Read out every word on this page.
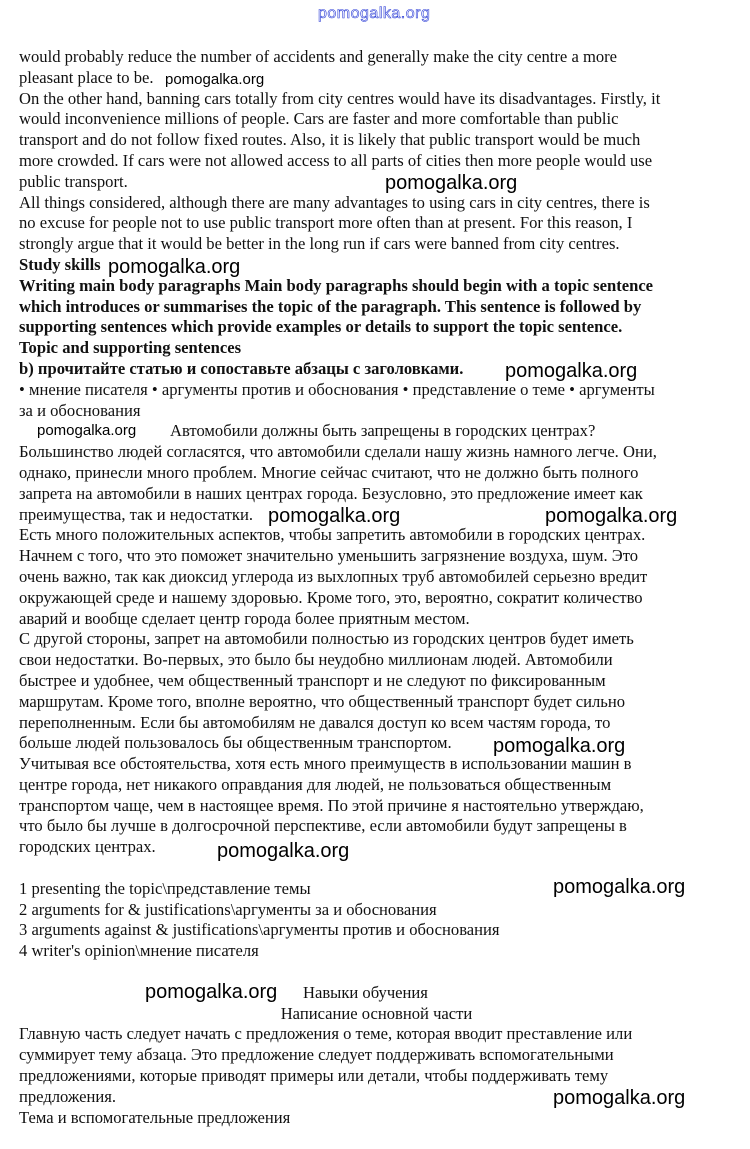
pomogalka.org
would probably reduce the number of accidents and generally make the city centre a more
pleasant place to be.
On the other hand, banning cars totally from city centres would have its disadvantages. Firstly, it
would inconvenience millions of people. Cars are faster and more comfortable than public
transport and do not follow fixed routes. Also, it is likely that public transport would be much
more crowded. If cars were not allowed access to all parts of cities then more people would use
public transport.
All things considered, although there are many advantages to using cars in city centres, there is
no excuse for people not to use public transport more often than at present. For this reason, I
strongly argue that it would be better in the long run if cars were banned from city centres.
Study skills
Writing main body paragraphs Main body paragraphs should begin with a topic sentence
which introduces or summarises the topic of the paragraph. This sentence is followed by
supporting sentences which provide examples or details to support the topic sentence.
Topic and supporting sentences
b) прочитайте статью и сопоставьте абзацы с заголовками.
• мнение писателя • аргументы против и обоснования • представление о теме • аргументы
за и обоснования
Автомобили должны быть запрещены в городских центрах?
Большинство людей согласятся, что автомобили сделали нашу жизнь намного легче. Они,
однако, принесли много проблем. Многие сейчас считают, что не должно быть полного
запрета на автомобили в наших центрах города. Безусловно, это предложение имеет как
преимущества, так и недостатки.
Есть много положительных аспектов, чтобы запретить автомобили в городских центрах.
Начнем с того, что это поможет значительно уменьшить загрязнение воздуха, шум. Это
очень важно, так как диоксид углерода из выхлопных труб автомобилей серьезно вредит
окружающей среде и нашему здоровью. Кроме того, это, вероятно, сократит количество
аварий и вообще сделает центр города более приятным местом.
С другой стороны, запрет на автомобили полностью из городских центров будет иметь
свои недостатки. Во-первых, это было бы неудобно миллионам людей. Автомобили
быстрее и удобнее, чем общественный транспорт и не следуют по фиксированным
маршрутам. Кроме того, вполне вероятно, что общественный транспорт будет сильно
переполненным. Если бы автомобилям не давался доступ ко всем частям города, то
больше людей пользовалось бы общественным транспортом.
Учитывая все обстоятельства, хотя есть много преимуществ в использовании машин в
центре города, нет никакого оправдания для людей, не пользоваться общественным
транспортом чаще, чем в настоящее время. По этой причине я настоятельно утверждаю,
что было бы лучше в долгосрочной перспективе, если автомобили будут запрещены в
городских центрах.
1 presenting the topic\представление темы
2 arguments for & justifications\аргументы за и обоснования
3 arguments against & justifications\аргументы против и обоснования
4 writer's opinion\мнение писателя
Навыки обучения
Написание основной части
Главную часть следует начать с предложения о теме, которая вводит преставление или
суммирует тему абзаца. Это предложение следует поддерживать вспомогательными
предложениями, которые приводят примеры или детали, чтобы поддерживать тему
предложения.
Тема и вспомогательные предложения
pomogalka.org
pomogalka.org
pomogalka.org
pomogalka.org
pomogalka.org
pomogalka.org	pomogalka.org
pomogalka.org
pomogalka.org
pomogalka.org
pomogalka.org
pomogalka.org
